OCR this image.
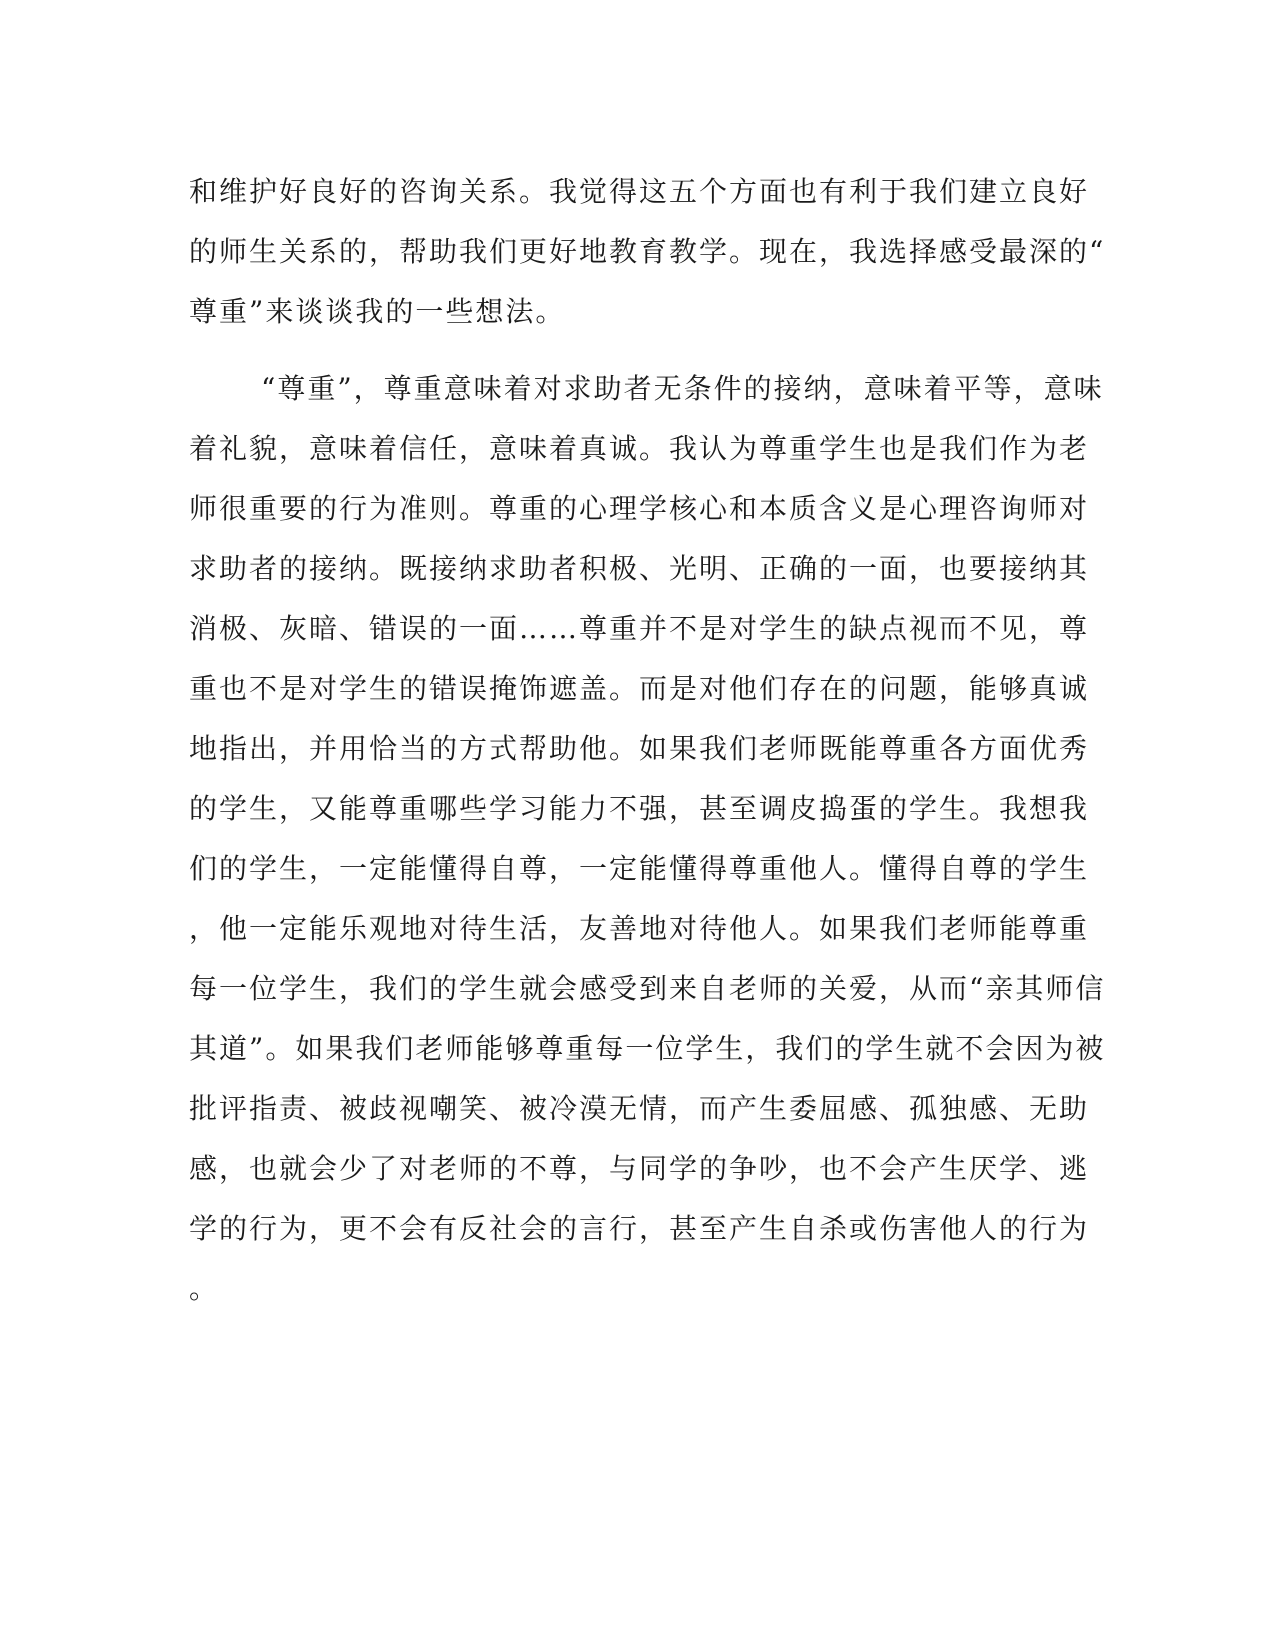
和维护好良好的咨询关系。我觉得这五个方面也有利于我们建立良好
的师生关系的，帮助我们更好地教育教学。现在，我选择感受最深的“
尊重”来谈谈我的一些想法。
“尊重”，尊重意味着对求助者无条件的接纳，意味着平等，意味
着礼貌，意味着信任，意味着真诚。我认为尊重学生也是我们作为老
师很重要的行为准则。尊重的心理学核心和本质含义是心理咨询师对
求助者的接纳。既接纳求助者积极、光明、正确的一面，也要接纳其
消极、灰暗、错误的一面……尊重并不是对学生的缺点视而不见，尊
重也不是对学生的错误掩饰遮盖。而是对他们存在的问题，能够真诚
地指出，并用恰当的方式帮助他。如果我们老师既能尊重各方面优秀
的学生，又能尊重哪些学习能力不强，甚至调皮捣蛋的学生。我想我
们的学生，一定能懂得自尊，一定能懂得尊重他人。懂得自尊的学生
，他一定能乐观地对待生活，友善地对待他人。如果我们老师能尊重
每一位学生，我们的学生就会感受到来自老师的关爱，从而“亲其师信
其道”。如果我们老师能够尊重每一位学生，我们的学生就不会因为被
批评指责、被歧视嘲笑、被冷漠无情，而产生委屈感、孤独感、无助
感，也就会少了对老师的不尊，与同学的争吵，也不会产生厌学、逃
学的行为，更不会有反社会的言行，甚至产生自杀或伤害他人的行为
。
